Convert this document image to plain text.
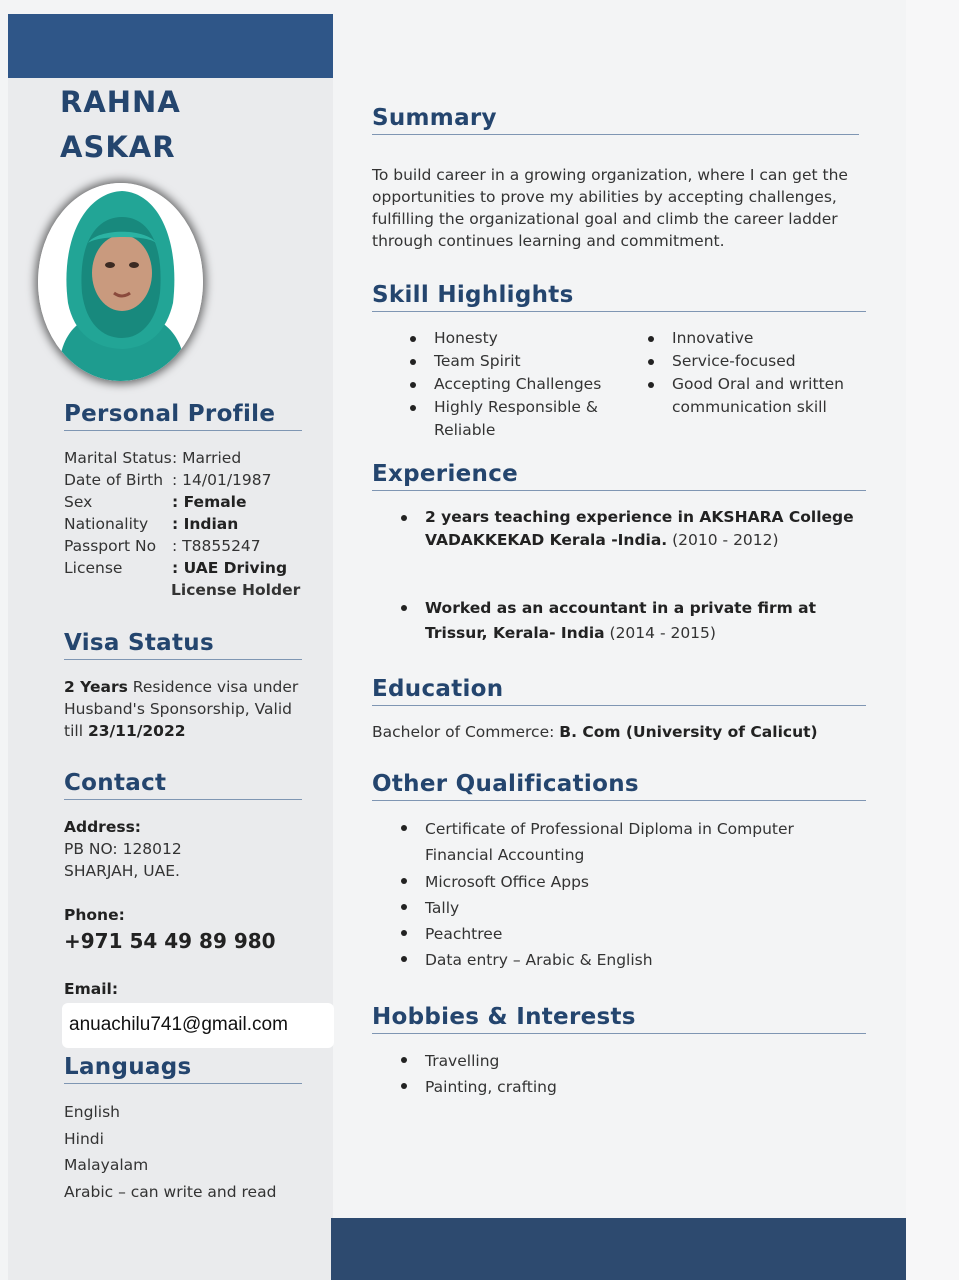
RAHNA
ASKAR
Personal Profile
Marital Status: Married
Date of Birth : 14/01/1987
Sex	: Female
Nationality : Indian
Passport No : T8855247
License	: UAE Driving
License Holder
Visa Status
2 Years Residence visa under
Husband's Sponsorship, Valid
till 23/11/2022
Contact
Address:
PB NO: 128012
SHARJAH, UAE.
Phone:
+971 54 49 89 980
Email:
anuachilu741@gmail.com
Languags
English
Hindi
Malayalam
Arabic – can write and read
Summary
To build career in a growing organization, where I can get the
opportunities to prove my abilities by accepting challenges,
fulfilling the organizational goal and climb the career ladder
through continues learning and commitment.
Skill Highlights
Honesty
Team Spirit
Accepting Challenges
Highly Responsible & Reliable
Innovative
Service-focused
Good Oral and written communication skill
Experience
2 years teaching experience in AKSHARA College VADAKKEKAD Kerala -India. (2010 - 2012)
Worked as an accountant in a private firm at Trissur, Kerala- India (2014 - 2015)
Education
Bachelor of Commerce: B. Com (University of Calicut)
Other Qualifications
Certificate of Professional Diploma in Computer Financial Accounting
Microsoft Office Apps
Tally
Peachtree
Data entry – Arabic & English
Hobbies & Interests
Travelling
Painting, crafting
